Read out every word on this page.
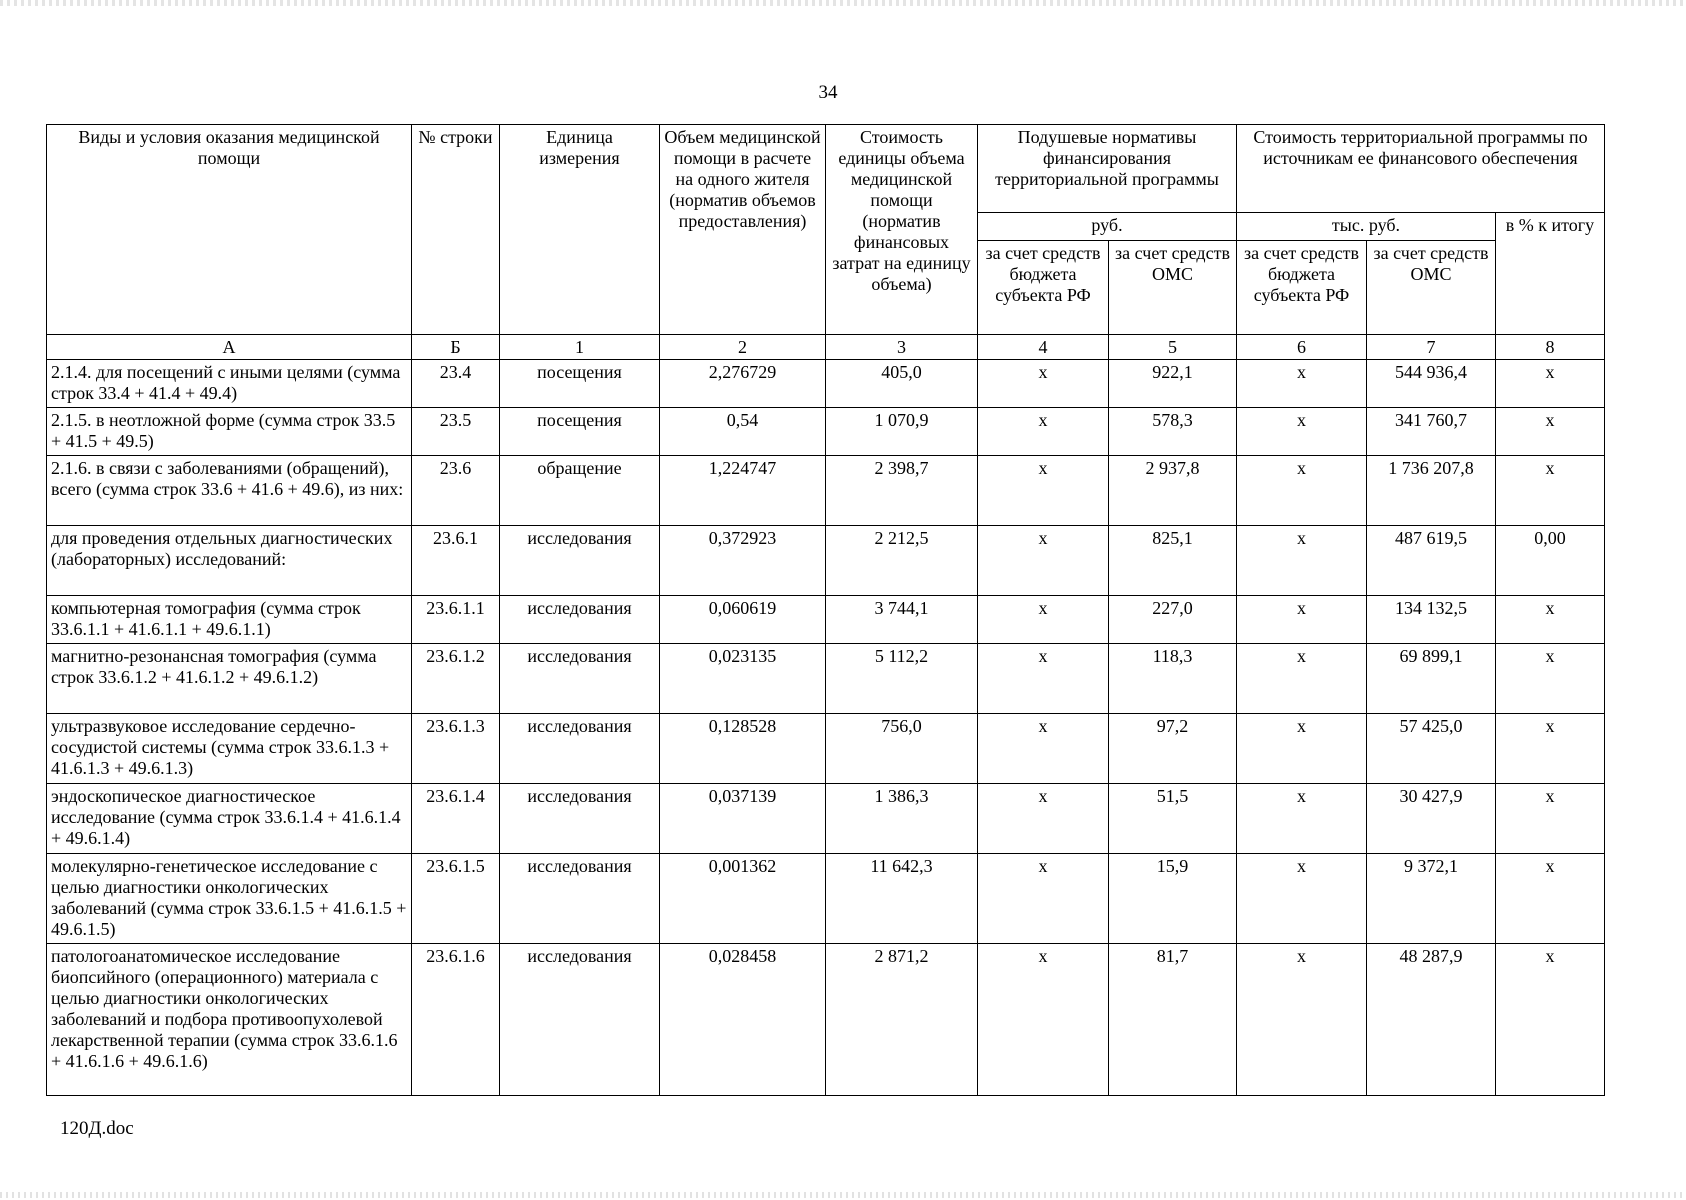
34
Виды и условия оказания медицинской помощи	№ строки	Единица измерения	Объем медицинской помощи в расчете на одного жителя (норматив объемов предоставления)	Стоимость единицы объема медицинской помощи (норматив финансовых затрат на единицу объема)	Подушевые нормативы финансирования территориальной программы		Стоимость территориальной программы по источникам ее финансового обеспечения		
					руб.		тыс. руб.		в % к итогу
					за счет средств бюджета субъекта РФ	за счет средств ОМС	за счет средств бюджета субъекта РФ	за счет средств ОМС	
А	Б	1	2	3	4	5	6	7	8
2.1.4. для посещений с иными целями (сумма строк 33.4 + 41.4 + 49.4)	23.4	посещения	2,276729	405,0	x	922,1	x	544 936,4	x
2.1.5. в неотложной форме (сумма строк 33.5 + 41.5 + 49.5)	23.5	посещения	0,54	1 070,9	x	578,3	x	341 760,7	x
2.1.6. в связи с заболеваниями (обращений), всего (сумма строк 33.6 + 41.6 + 49.6), из них:	23.6	обращение	1,224747	2 398,7	x	2 937,8	x	1 736 207,8	x
для проведения отдельных диагностических (лабораторных) исследований:	23.6.1	исследования	0,372923	2 212,5	x	825,1	x	487 619,5	0,00
компьютерная томография (сумма строк 33.6.1.1 + 41.6.1.1 + 49.6.1.1)	23.6.1.1	исследования	0,060619	3 744,1	x	227,0	x	134 132,5	x
магнитно-резонансная томография (сумма строк 33.6.1.2 + 41.6.1.2 + 49.6.1.2)	23.6.1.2	исследования	0,023135	5 112,2	x	118,3	x	69 899,1	x
ультразвуковое исследование сердечно-сосудистой системы (сумма строк 33.6.1.3 + 41.6.1.3 + 49.6.1.3)	23.6.1.3	исследования	0,128528	756,0	x	97,2	x	57 425,0	x
эндоскопическое диагностическое исследование (сумма строк 33.6.1.4 + 41.6.1.4 + 49.6.1.4)	23.6.1.4	исследования	0,037139	1 386,3	x	51,5	x	30 427,9	x
молекулярно-генетическое исследование с целью диагностики онкологических заболеваний (сумма строк 33.6.1.5 + 41.6.1.5 + 49.6.1.5)	23.6.1.5	исследования	0,001362	11 642,3	x	15,9	x	9 372,1	x
патологоанатомическое исследование биопсийного (операционного) материала с целью диагностики онкологических заболеваний и подбора противоопухолевой лекарственной терапии (сумма строк 33.6.1.6 + 41.6.1.6 + 49.6.1.6)	23.6.1.6	исследования	0,028458	2 871,2	x	81,7	x	48 287,9	x
120Д.doc
